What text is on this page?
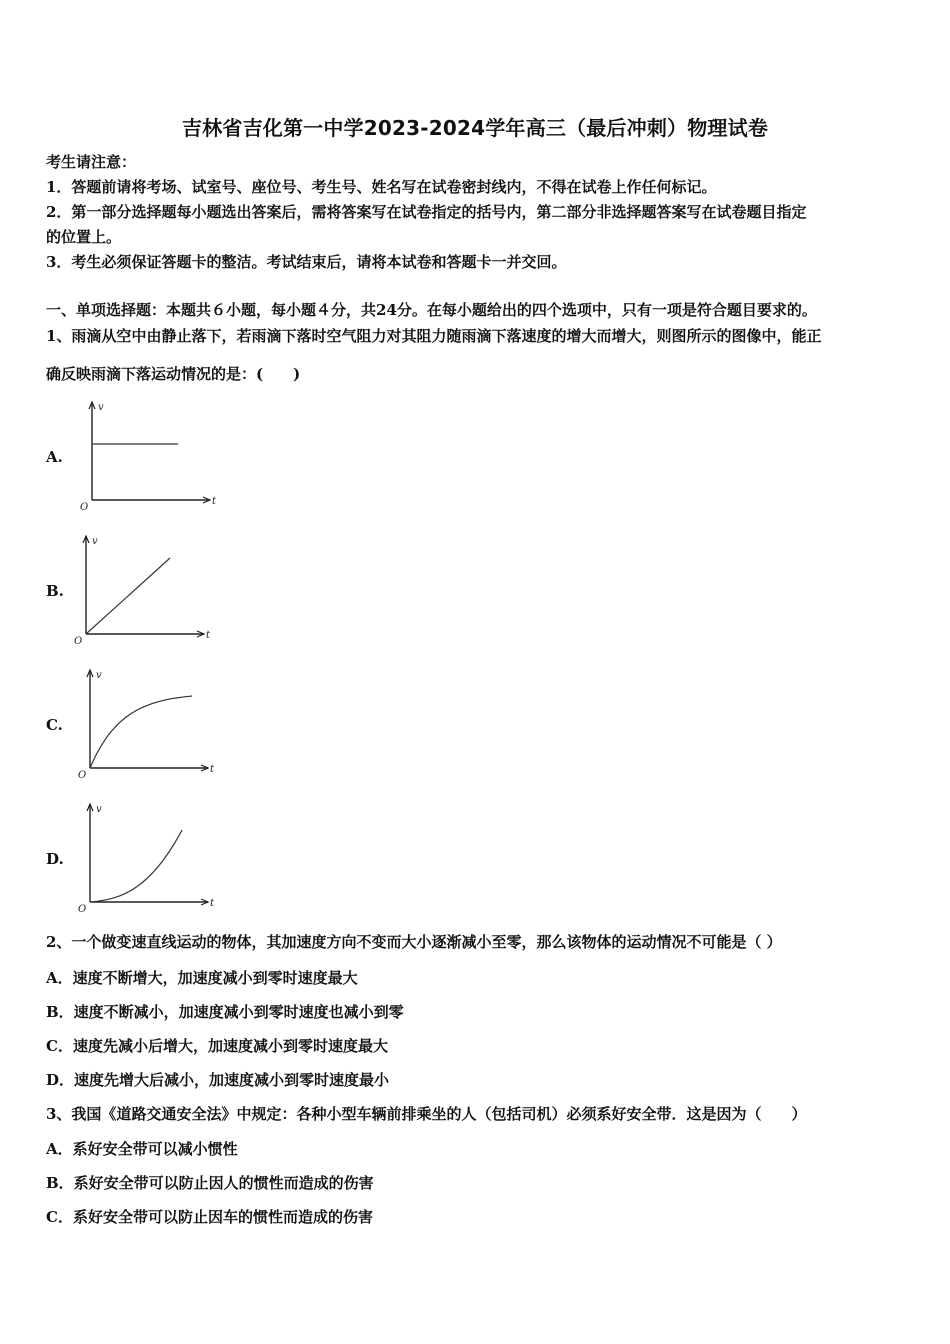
吉林省吉化第一中学2023-2024学年高三（最后冲刺）物理试卷
考生请注意：
1．答题前请将考场、试室号、座位号、考生号、姓名写在试卷密封线内，不得在试卷上作任何标记。
2．第一部分选择题每小题选出答案后，需将答案写在试卷指定的括号内，第二部分非选择题答案写在试卷题目指定
的位置上。
3．考生必须保证答题卡的整洁。考试结束后，请将本试卷和答题卡一并交回。
一、单项选择题：本题共６小题，每小题４分，共24分。在每小题给出的四个选项中，只有一项是符合题目要求的。
1、雨滴从空中由静止落下，若雨滴下落时空气阻力对其阻力随雨滴下落速度的增大而增大，则图所示的图像中，能正
确反映雨滴下落运动情况的是：(　　)
A.
v
t
O
B.
v
t
O
C.
v
t
O
D.
v
t
O
2、一个做变速直线运动的物体，其加速度方向不变而大小逐渐减小至零，那么该物体的运动情况不可能是（ ）
A．速度不断增大，加速度减小到零时速度最大
B．速度不断减小，加速度减小到零时速度也减小到零
C．速度先减小后增大，加速度减小到零时速度最大
D．速度先增大后减小，加速度减小到零时速度最小
3、我国《道路交通安全法》中规定：各种小型车辆前排乘坐的人（包括司机）必须系好安全带．这是因为（　　）
A．系好安全带可以减小惯性
B．系好安全带可以防止因人的惯性而造成的伤害
C．系好安全带可以防止因车的惯性而造成的伤害
